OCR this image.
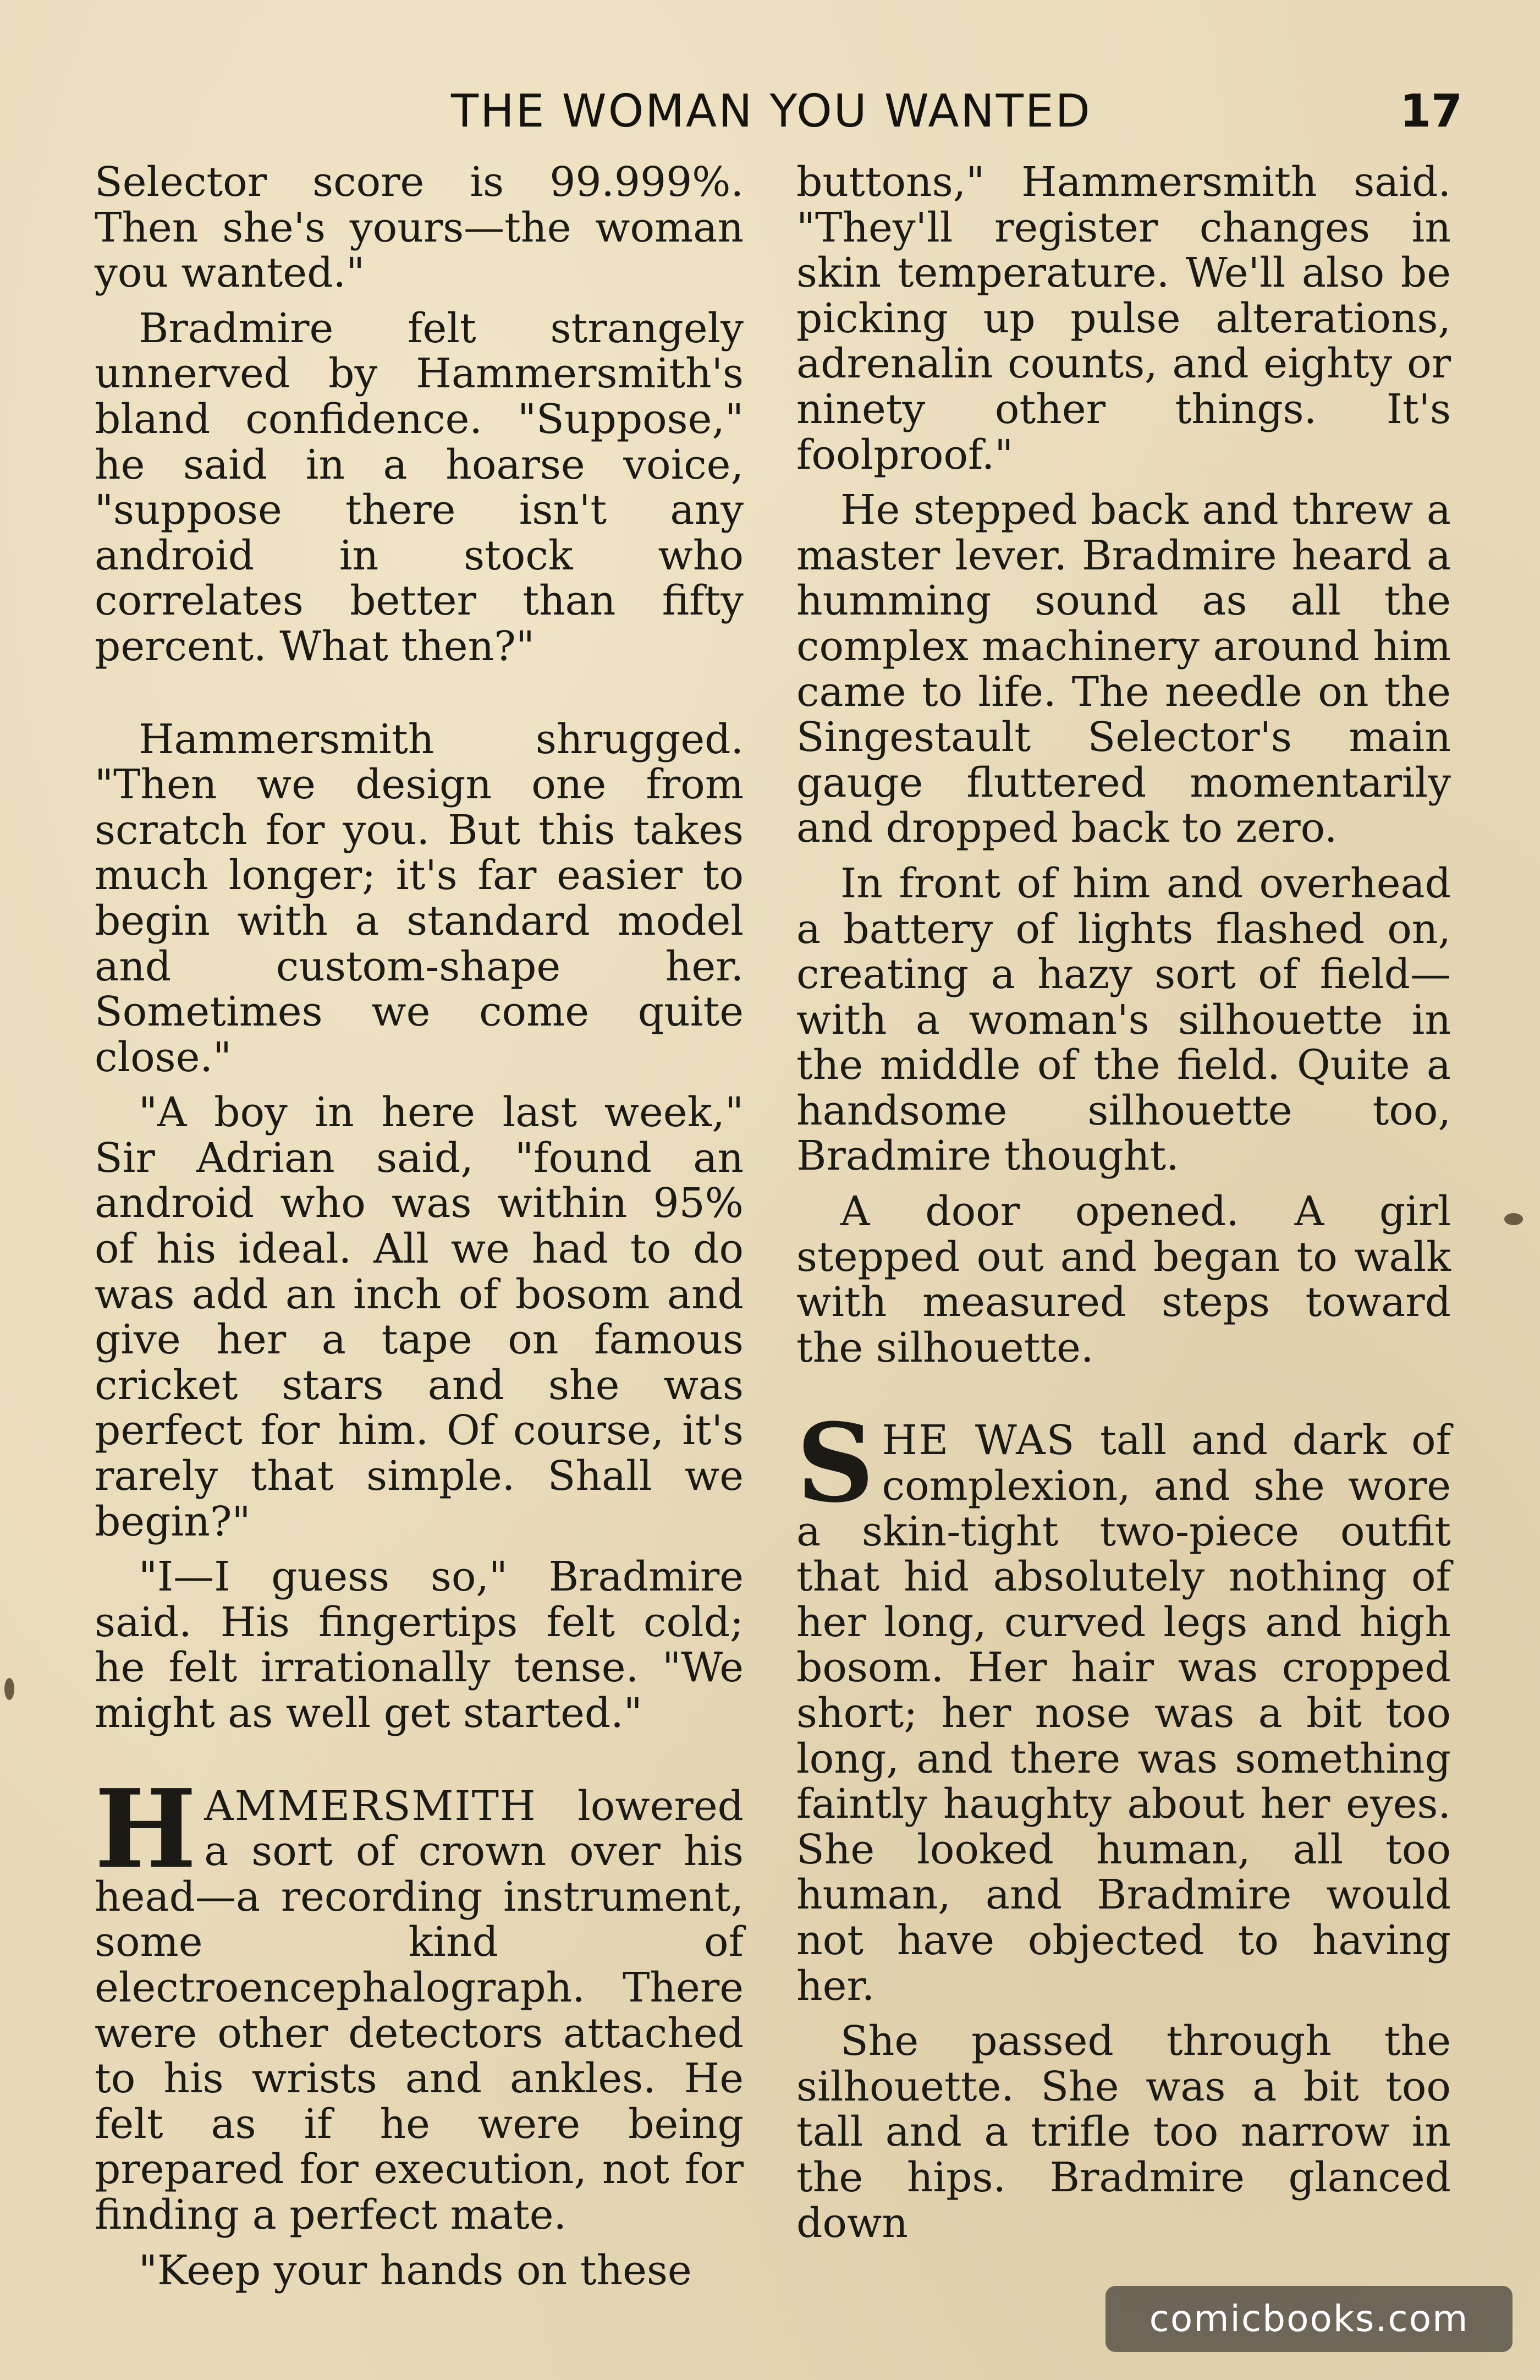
THE WOMAN YOU WANTED	17

Selector score is 99.999%. Then she's yours—the woman you wanted."

Bradmire felt strangely unnerved by Hammersmith's bland confidence. "Suppose," he said in a hoarse voice, "suppose there isn't any android in stock who correlates better than fifty percent. What then?"

Hammersmith shrugged. "Then we design one from scratch for you. But this takes much longer; it's far easier to begin with a standard model and custom-shape her. Sometimes we come quite close."

"A boy in here last week," Sir Adrian said, "found an android who was within 95% of his ideal. All we had to do was add an inch of bosom and give her a tape on famous cricket stars and she was perfect for him. Of course, it's rarely that simple. Shall we begin?"

"I—I guess so," Bradmire said. His fingertips felt cold; he felt irrationally tense. "We might as well get started."

HAMMERSMITH lowered a sort of crown over his head—a recording instrument, some kind of electroencephalograph. There were other detectors attached to his wrists and ankles. He felt as if he were being prepared for execution, not for finding a perfect mate.

"Keep your hands on these

buttons," Hammersmith said. "They'll register changes in skin temperature. We'll also be picking up pulse alterations, adrenalin counts, and eighty or ninety other things. It's foolproof."

He stepped back and threw a master lever. Bradmire heard a humming sound as all the complex machinery around him came to life. The needle on the Singestault Selector's main gauge fluttered momentarily and dropped back to zero.

In front of him and overhead a battery of lights flashed on, creating a hazy sort of field—with a woman's silhouette in the middle of the field. Quite a handsome silhouette too, Bradmire thought.

A door opened. A girl stepped out and began to walk with measured steps toward the silhouette.

SHE WAS tall and dark of complexion, and she wore a skin-tight two-piece outfit that hid absolutely nothing of her long, curved legs and high bosom. Her hair was cropped short; her nose was a bit too long, and there was something faintly haughty about her eyes. She looked human, all too human, and Bradmire would not have objected to having her.

She passed through the silhouette. She was a bit too tall and a trifle too narrow in the hips. Bradmire glanced down

comicbooks.com
